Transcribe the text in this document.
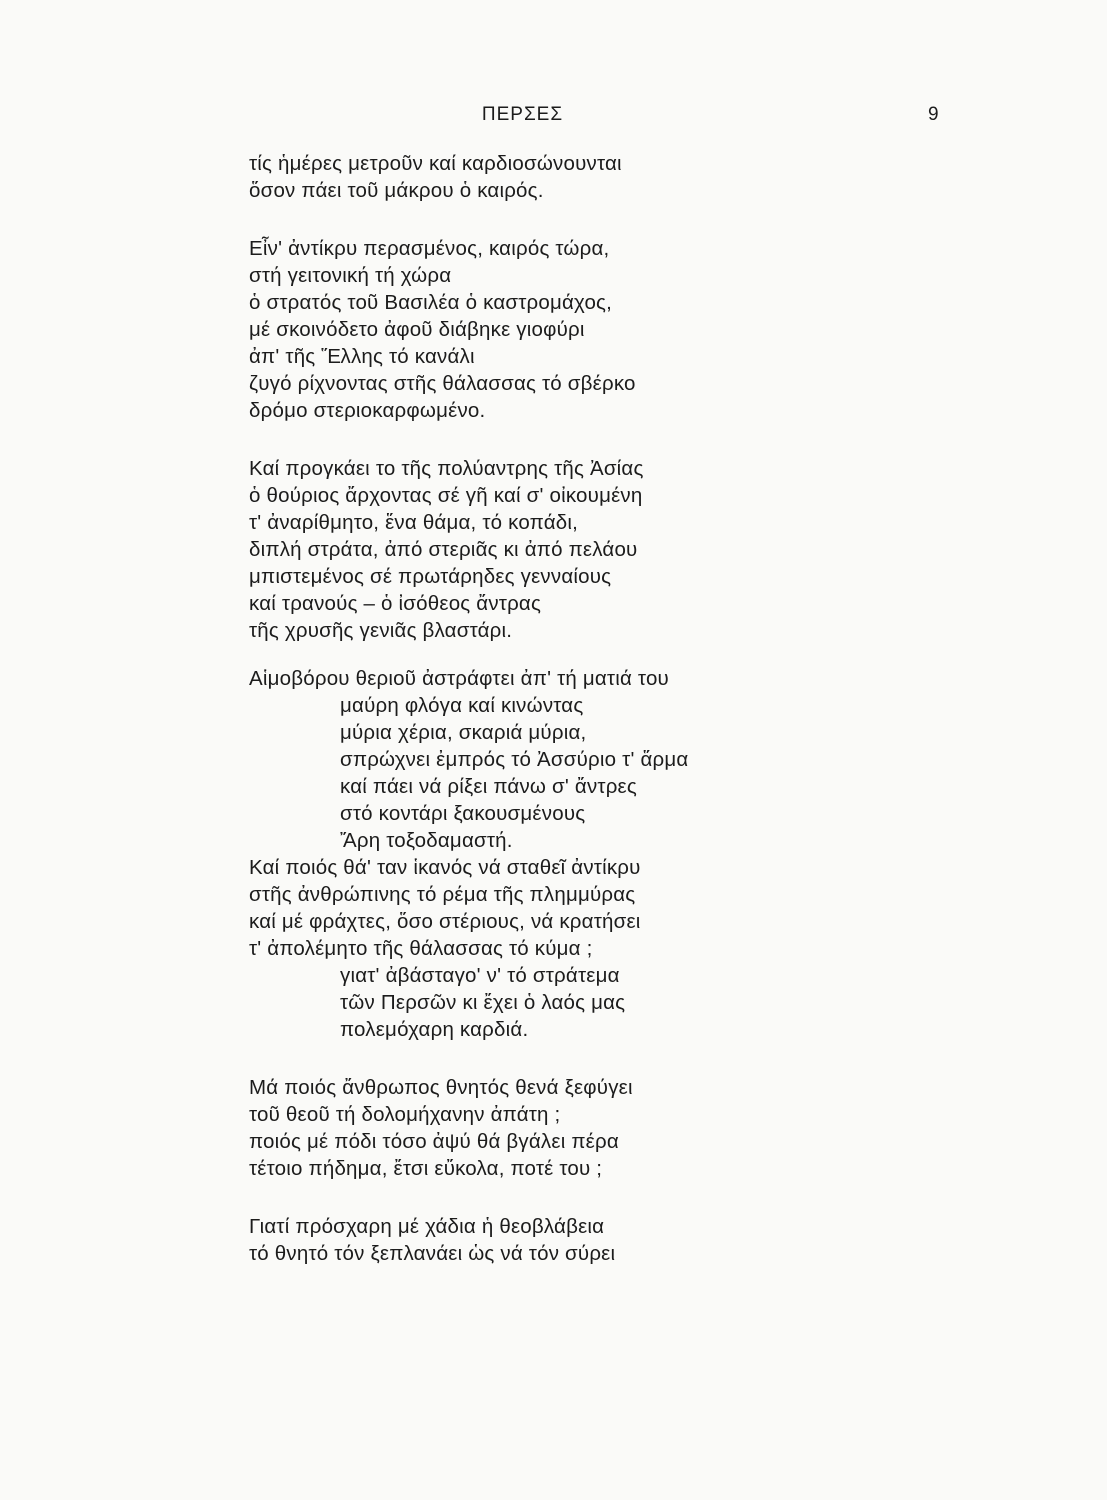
ΠΕΡΣΕΣ	9
τίς ἡμέρες μετροῦν καί καρδιοσώνουνται
ὅσον πάει τοῦ μάκρου ὁ καιρός.
Εἶν' ἀντίκρυ περασμένος, καιρός τώρα,
στή γειτονική τή χώρα
ὁ στρατός τοῦ Βασιλέα ὁ καστρομάχος,
μέ σκοινόδετο ἀφοῦ διάβηκε γιοφύρι
ἀπ' τῆς Ἕλλης τό κανάλι
ζυγό ρίχνοντας στῆς θάλασσας τό σβέρκο
δρόμο στεριοκαρφωμένο.
Καί προγκάει το τῆς πολύαντρης τῆς Ἀσίας
ὁ θούριος ἄρχοντας σέ γῆ καί σ' οἰκουμένη
τ' ἀναρίθμητο, ἕνα θάμα, τό κοπάδι,
διπλή στράτα, ἀπό στεριᾶς κι ἀπό πελάου
μπιστεμένος σέ πρωτάρηδες γενναίους
καί τρανούς – ὁ ἰσόθεος ἄντρας
τῆς χρυσῆς γενιᾶς βλαστάρι.
Αἱμοβόρου θεριοῦ ἀστράφτει ἀπ' τή ματιά του
μαύρη φλόγα καί κινώντας
μύρια χέρια, σκαριά μύρια,
σπρώχνει ἐμπρός τό Ἀσσύριο τ' ἅρμα
καί πάει νά ρίξει πάνω σ' ἄντρες
στό κοντάρι ξακουσμένους
Ἄρη τοξοδαμαστή.
Καί ποιός θά' ταν ἱκανός νά σταθεῖ ἀντίκρυ
στῆς ἀνθρώπινης τό ρέμα τῆς πλημμύρας
καί μέ φράχτες, ὅσο στέριους, νά κρατήσει
τ' ἀπολέμητο τῆς θάλασσας τό κύμα ;
γιατ' ἀβάσταγο' ν' τό στράτεμα
τῶν Περσῶν κι ἔχει ὁ λαός μας
πολεμόχαρη καρδιά.
Μά ποιός ἄνθρωπος θνητός θενά ξεφύγει
τοῦ θεοῦ τή δολομήχανην ἀπάτη ;
ποιός μέ πόδι τόσο ἀψύ θά βγάλει πέρα
τέτοιο πήδημα, ἔτσι εὔκολα, ποτέ του ;
Γιατί πρόσχαρη μέ χάδια ἡ θεοβλάβεια
τό θνητό τόν ξεπλανάει ὡς νά τόν σύρει
